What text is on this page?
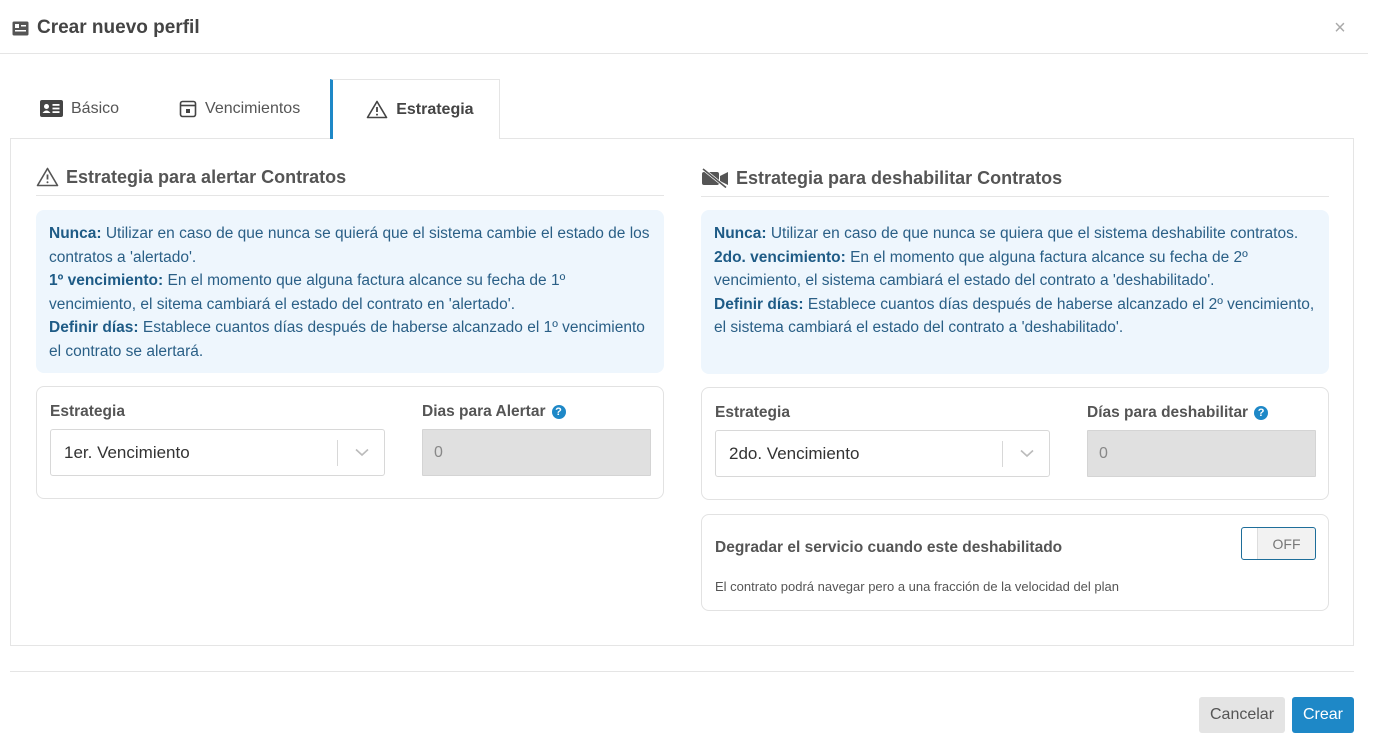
Crear nuevo perfil	×
Básico	Vencimientos	Estrategia
Estrategia para alertar Contratos
Nunca: Utilizar en caso de que nunca se quierá que el sistema cambie el estado de los contratos a 'alertado'.
1º vencimiento: En el momento que alguna factura alcance su fecha de 1º vencimiento, el sitema cambiará el estado del contrato en 'alertado'.
Definir días: Establece cuantos días después de haberse alcanzado el 1º vencimiento el contrato se alertará.
Estrategia
1er. Vencimiento
Dias para Alertar ?
0
Estrategia para deshabilitar Contratos
Nunca: Utilizar en caso de que nunca se quiera que el sistema deshabilite contratos.
2do. vencimiento: En el momento que alguna factura alcance su fecha de 2º vencimiento, el sistema cambiará el estado del contrato a 'deshabilitado'.
Definir días: Establece cuantos días después de haberse alcanzado el 2º vencimiento, el sistema cambiará el estado del contrato a 'deshabilitado'.
Estrategia
2do. Vencimiento
Días para deshabilitar ?
0
Degradar el servicio cuando este deshabilitado
El contrato podrá navegar pero a una fracción de la velocidad del plan
OFF
Cancelar	Crear
